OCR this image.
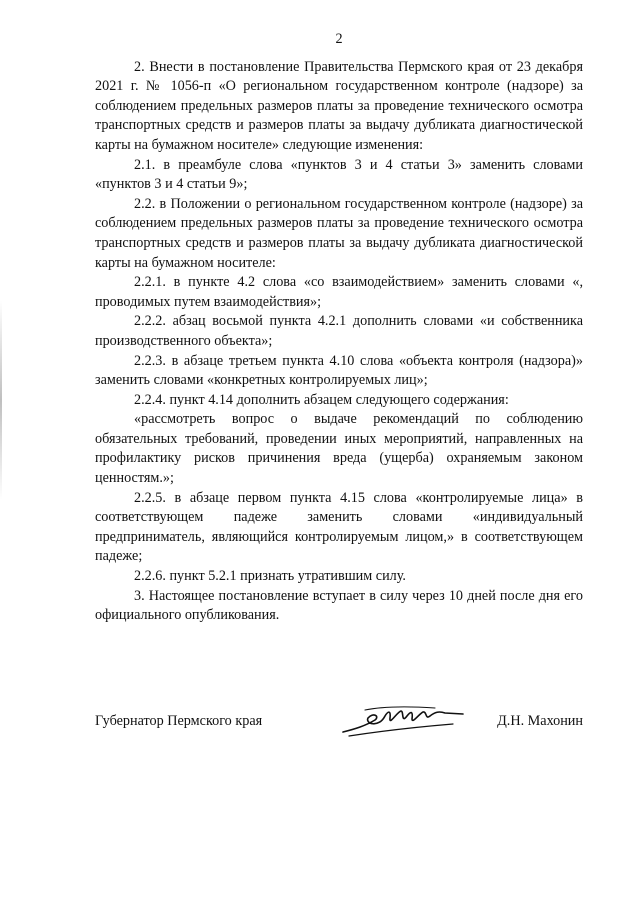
2

2. Внести в постановление Правительства Пермского края от 23 декабря 2021 г. № 1056-п «О региональном государственном контроле (надзоре) за соблюдением предельных размеров платы за проведение технического осмотра транспортных средств и размеров платы за выдачу дубликата диагностической карты на бумажном носителе» следующие изменения:

2.1. в преамбуле слова «пунктов 3 и 4 статьи 3» заменить словами «пунктов 3 и 4 статьи 9»;

2.2. в Положении о региональном государственном контроле (надзоре) за соблюдением предельных размеров платы за проведение технического осмотра транспортных средств и размеров платы за выдачу дубликата диагностической карты на бумажном носителе:

2.2.1. в пункте 4.2 слова «со взаимодействием» заменить словами «, проводимых путем взаимодействия»;

2.2.2. абзац восьмой пункта 4.2.1 дополнить словами «и собственника производственного объекта»;

2.2.3. в абзаце третьем пункта 4.10 слова «объекта контроля (надзора)» заменить словами «конкретных контролируемых лиц»;

2.2.4. пункт 4.14 дополнить абзацем следующего содержания:

«рассмотреть вопрос о выдаче рекомендаций по соблюдению обязательных требований, проведении иных мероприятий, направленных на профилактику рисков причинения вреда (ущерба) охраняемым законом ценностям.»;

2.2.5. в абзаце первом пункта 4.15 слова «контролируемые лица» в соответствующем падеже заменить словами «индивидуальный предприниматель, являющийся контролируемым лицом,» в соответствующем падеже;

2.2.6. пункт 5.2.1 признать утратившим силу.

3. Настоящее постановление вступает в силу через 10 дней после дня его официального опубликования.

Губернатор Пермского края	Д.Н. Махонин
